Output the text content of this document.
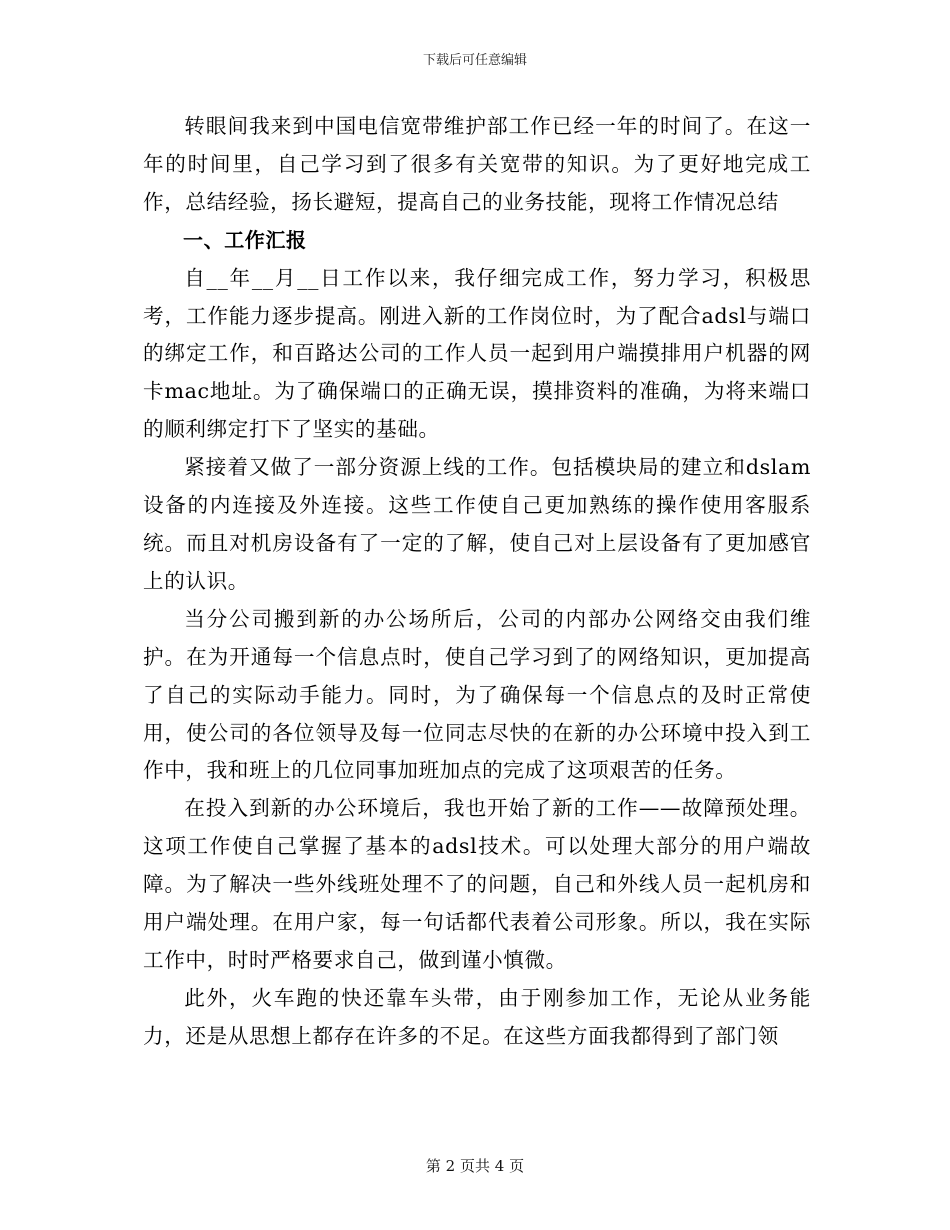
下载后可任意编辑

转眼间我来到中国电信宽带维护部工作已经一年的时间了。在这一年的时间里，自己学习到了很多有关宽带的知识。为了更好地完成工作，总结经验，扬长避短，提高自己的业务技能，现将工作情况总结

一、工作汇报

自__年__月__日工作以来，我仔细完成工作，努力学习，积极思考，工作能力逐步提高。刚进入新的工作岗位时，为了配合adsl与端口的绑定工作，和百路达公司的工作人员一起到用户端摸排用户机器的网卡mac地址。为了确保端口的正确无误，摸排资料的准确，为将来端口的顺利绑定打下了坚实的基础。

紧接着又做了一部分资源上线的工作。包括模块局的建立和dslam设备的内连接及外连接。这些工作使自己更加熟练的操作使用客服系统。而且对机房设备有了一定的了解，使自己对上层设备有了更加感官上的认识。

当分公司搬到新的办公场所后，公司的内部办公网络交由我们维护。在为开通每一个信息点时，使自己学习到了的网络知识，更加提高了自己的实际动手能力。同时，为了确保每一个信息点的及时正常使用，使公司的各位领导及每一位同志尽快的在新的办公环境中投入到工作中，我和班上的几位同事加班加点的完成了这项艰苦的任务。

在投入到新的办公环境后，我也开始了新的工作——故障预处理。这项工作使自己掌握了基本的adsl技术。可以处理大部分的用户端故障。为了解决一些外线班处理不了的问题，自己和外线人员一起机房和用户端处理。在用户家，每一句话都代表着公司形象。所以，我在实际工作中，时时严格要求自己，做到谨小慎微。

此外，火车跑的快还靠车头带，由于刚参加工作，无论从业务能力，还是从思想上都存在许多的不足。在这些方面我都得到了部门领

第 2 页共 4 页
